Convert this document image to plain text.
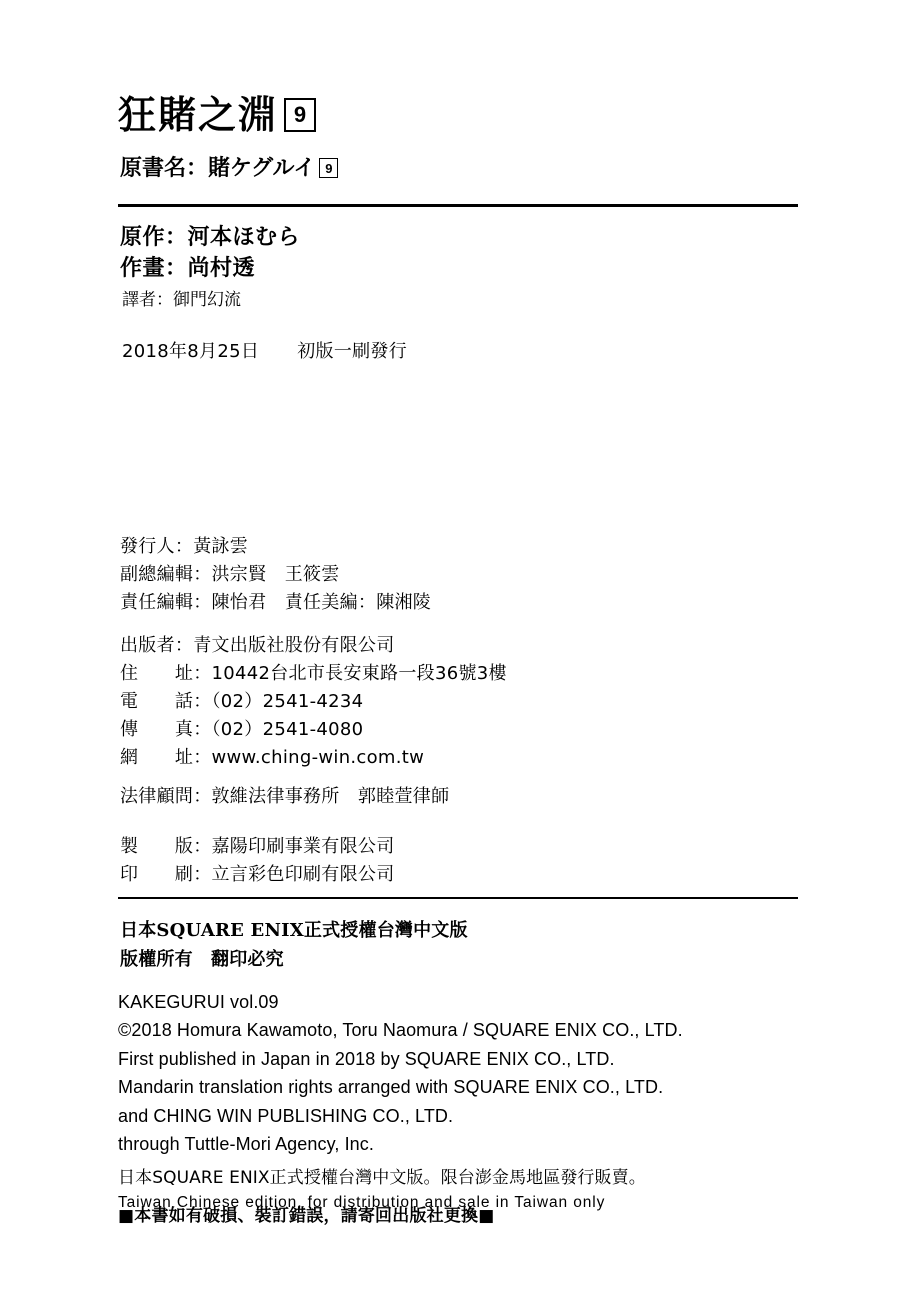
狂賭之淵 9
原書名：賭ケグルイ 9
原作：河本ほむら
作畫：尚村透
譯者：御門幻流
2018年8月25日 初版一刷發行
發行人：黃詠雲
副總編輯：洪宗賢　王筱雲
責任編輯：陳怡君　責任美編：陳湘陵
出版者：青文出版社股份有限公司
住　　址：10442台北市長安東路一段36號3樓
電　　話：（02）2541-4234
傳　　真：（02）2541-4080
網　　址：www.ching-win.com.tw
法律顧問：敦維法律事務所　郭睦萱律師
製　　版：嘉陽印刷事業有限公司
印　　刷：立言彩色印刷有限公司
日本SQUARE ENIX正式授權台灣中文版
版權所有　翻印必究
KAKEGURUI vol.09
©2018 Homura Kawamoto, Toru Naomura / SQUARE ENIX CO., LTD.
First published in Japan in 2018 by SQUARE ENIX CO., LTD.
Mandarin translation rights arranged with SQUARE ENIX CO., LTD.
and CHING WIN PUBLISHING CO., LTD.
through Tuttle-Mori Agency, Inc.
日本SQUARE ENIX正式授權台灣中文版。限台澎金馬地區發行販賣。
Taiwan Chinese edition, for distribution and sale in Taiwan only
■本書如有破損、裝訂錯誤，請寄回出版社更換■
